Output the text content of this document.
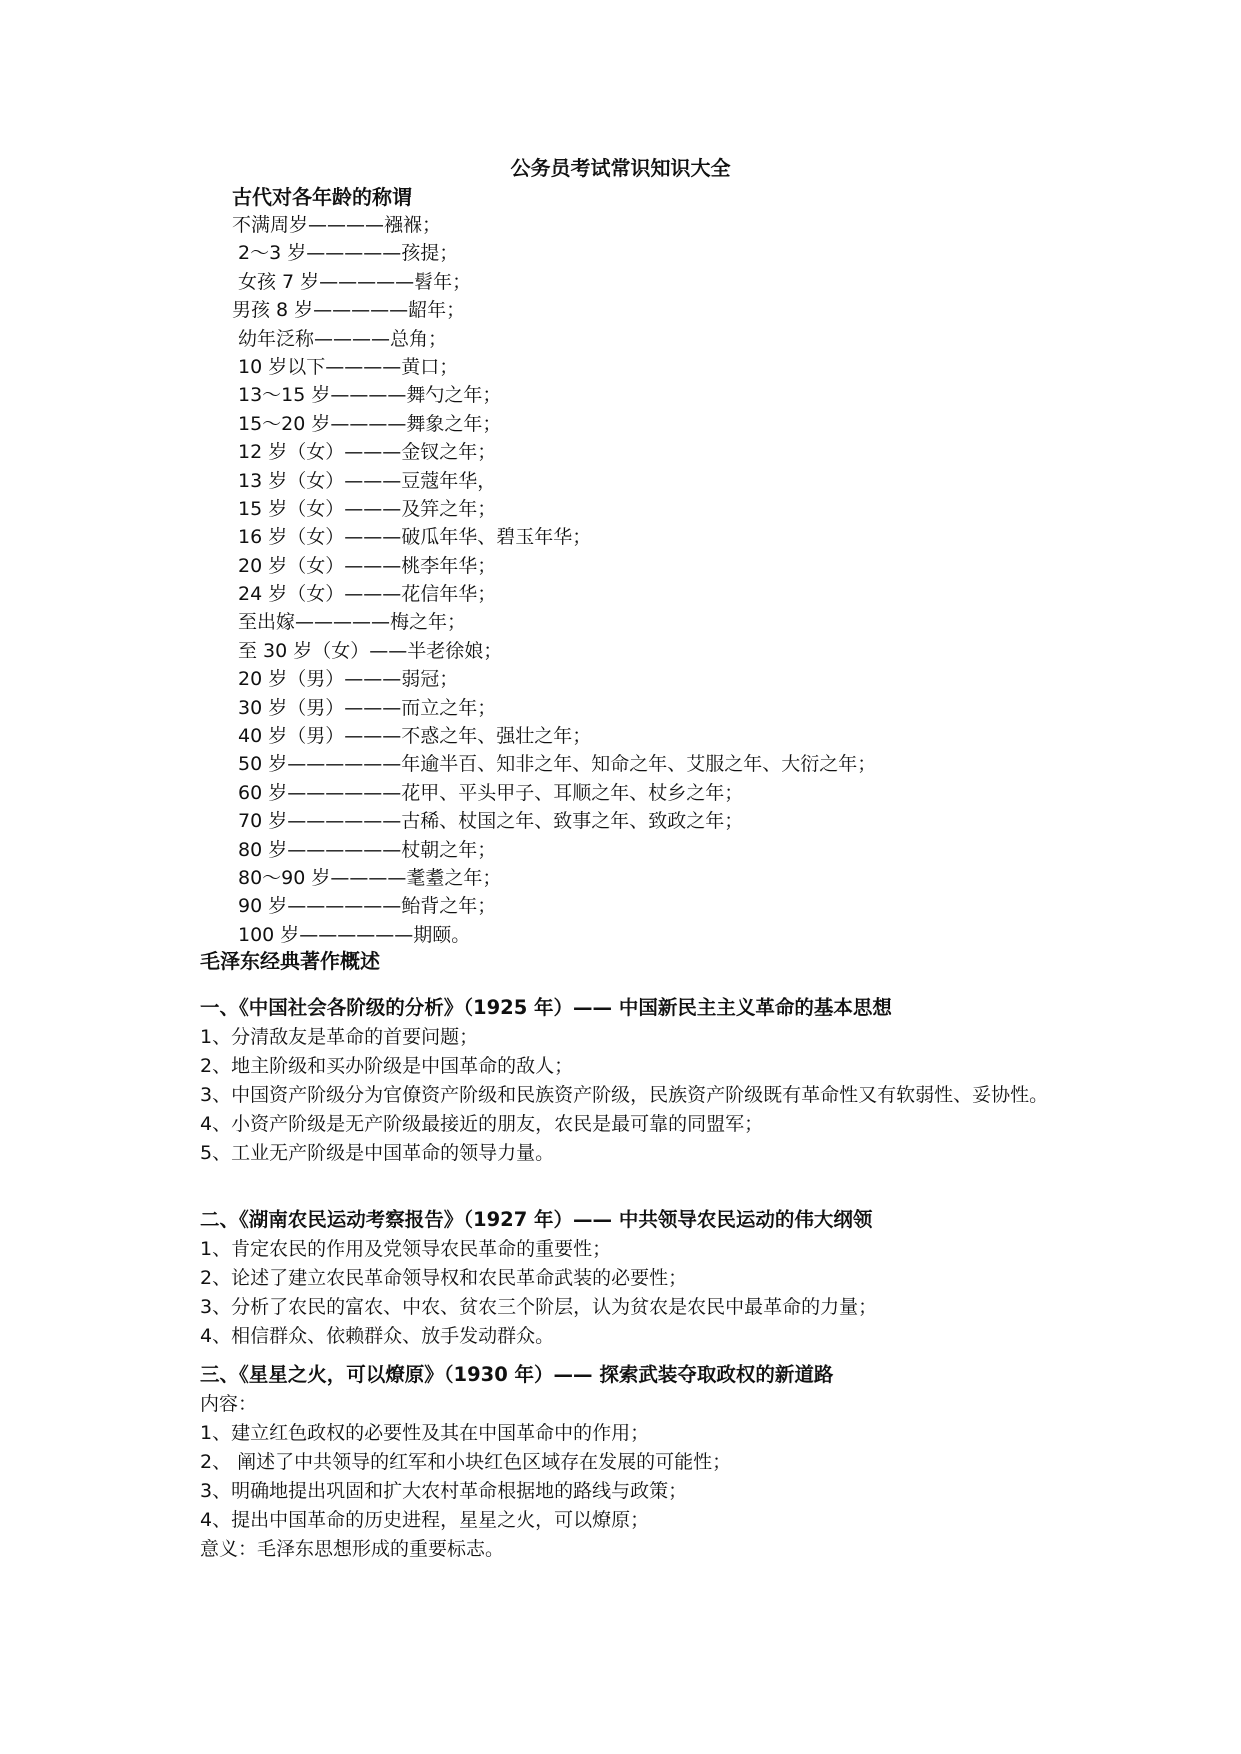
公务员考试常识知识大全
古代对各年龄的称谓
不满周岁————襁褓；
2～3 岁—————孩提；
女孩 7 岁—————髫年；
男孩 8 岁—————龆年；
幼年泛称————总角；
10 岁以下————黄口；
13～15 岁————舞勺之年；
15～20 岁————舞象之年；
12 岁（女）———金钗之年；
13 岁（女）———豆蔻年华，
15 岁（女）———及笄之年；
16 岁（女）———破瓜年华、碧玉年华；
20 岁（女）———桃李年华；
24 岁（女）———花信年华；
至出嫁—————梅之年；
至 30 岁（女）——半老徐娘；
20 岁（男）———弱冠；
30 岁（男）———而立之年；
40 岁（男）———不惑之年、强壮之年；
50 岁——————年逾半百、知非之年、知命之年、艾服之年、大衍之年；
60 岁——————花甲、平头甲子、耳顺之年、杖乡之年；
70 岁——————古稀、杖国之年、致事之年、致政之年；
80 岁——————杖朝之年；
80～90 岁————耄耋之年；
90 岁——————鲐背之年；
100 岁——————期颐。
毛泽东经典著作概述
一、《中国社会各阶级的分析》（1925 年）—— 中国新民主主义革命的基本思想
1、分清敌友是革命的首要问题；
2、地主阶级和买办阶级是中国革命的敌人；
3、中国资产阶级分为官僚资产阶级和民族资产阶级，民族资产阶级既有革命性又有软弱性、妥协性。
4、小资产阶级是无产阶级最接近的朋友，农民是最可靠的同盟军；
5、工业无产阶级是中国革命的领导力量。
二、《湖南农民运动考察报告》（1927 年）—— 中共领导农民运动的伟大纲领
1、肯定农民的作用及党领导农民革命的重要性；
2、论述了建立农民革命领导权和农民革命武装的必要性；
3、分析了农民的富农、中农、贫农三个阶层，认为贫农是农民中最革命的力量；
4、相信群众、依赖群众、放手发动群众。
三、《星星之火，可以燎原》（1930 年）—— 探索武装夺取政权的新道路
内容：
1、建立红色政权的必要性及其在中国革命中的作用；
2、 阐述了中共领导的红军和小块红色区域存在发展的可能性；
3、明确地提出巩固和扩大农村革命根据地的路线与政策；
4、提出中国革命的历史进程，星星之火，可以燎原；
意义：毛泽东思想形成的重要标志。
